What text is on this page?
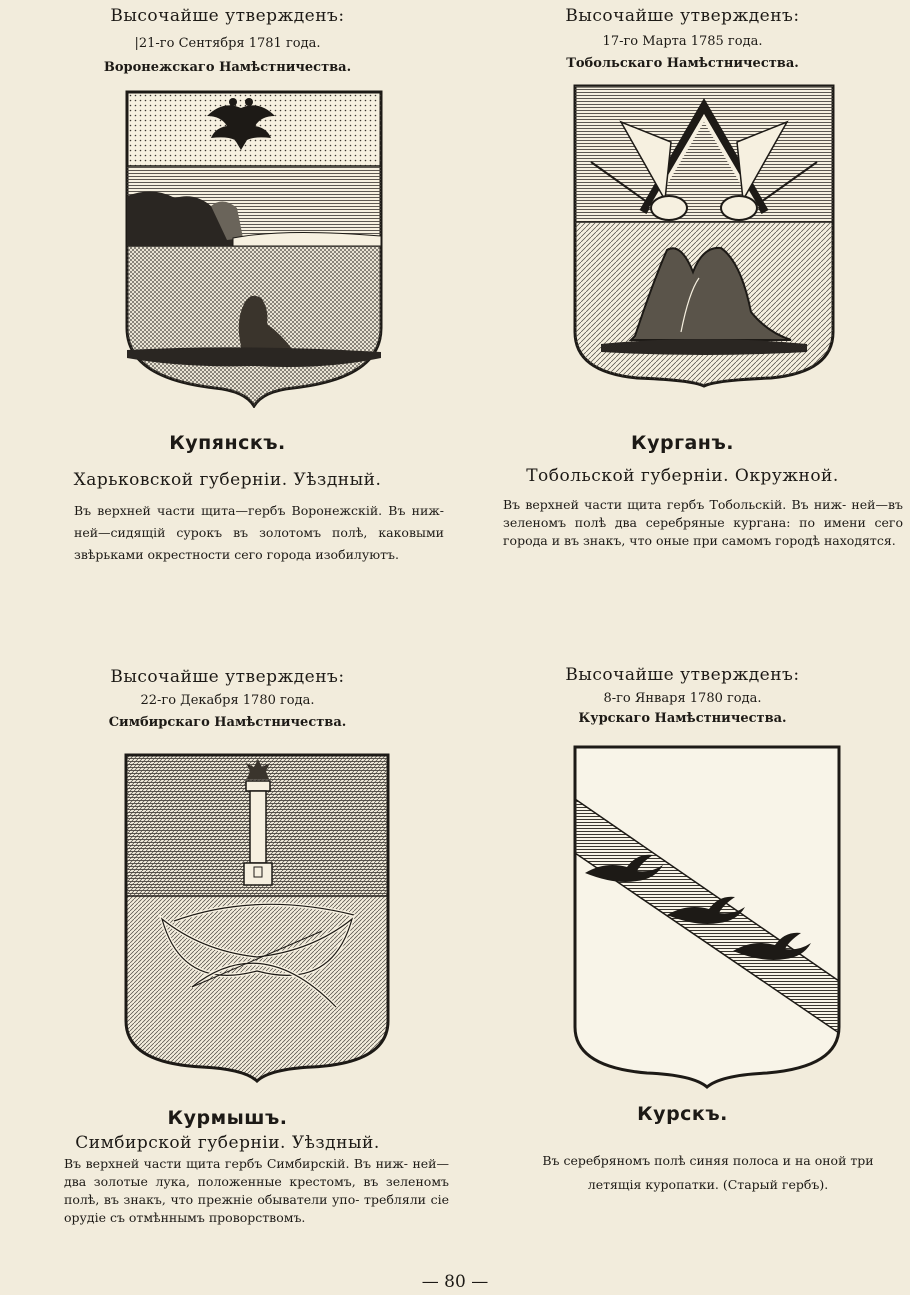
Высочайше утвержденъ:
|21-го Сентября 1781 года.
Воронежскаго Намѣстничества.
Купянскъ.
Харьковской губерніи. Уѣздный.
Въ верхней части щита—гербъ Воронежскій. Въ ниж- ней—сидящій сурокъ въ золотомъ полѣ, каковыми звѣрьками окрестности сего города изобилуютъ.
Высочайше утвержденъ:
17-го Марта 1785 года.
Тобольскаго Намѣстничества.
Курганъ.
Тобольской губерніи. Окружной.
Въ верхней части щита гербъ Тобольскій. Въ ниж- ней—въ зеленомъ полѣ два серебряные кургана: по имени сего города и въ знакъ, что оные при самомъ городѣ находятся.
Высочайше утвержденъ:
22-го Декабря 1780 года.
Симбирскаго Намѣстничества.
Курмышъ.
Симбирской губерніи. Уѣздный.
Въ верхней части щита гербъ Симбирскій. Въ ниж- ней—два золотые лука, положенные крестомъ, въ зеленомъ полѣ, въ знакъ, что прежніе обыватели упо- требляли сіе орудіе съ отмѣннымъ проворствомъ.
Высочайше утвержденъ:
8-го Января 1780 года.
Курскаго Намѣстничества.
Курскъ.
Въ серебряномъ полѣ синяя полоса и на оной три летящія куропатки. (Старый гербъ).
— 80 —
